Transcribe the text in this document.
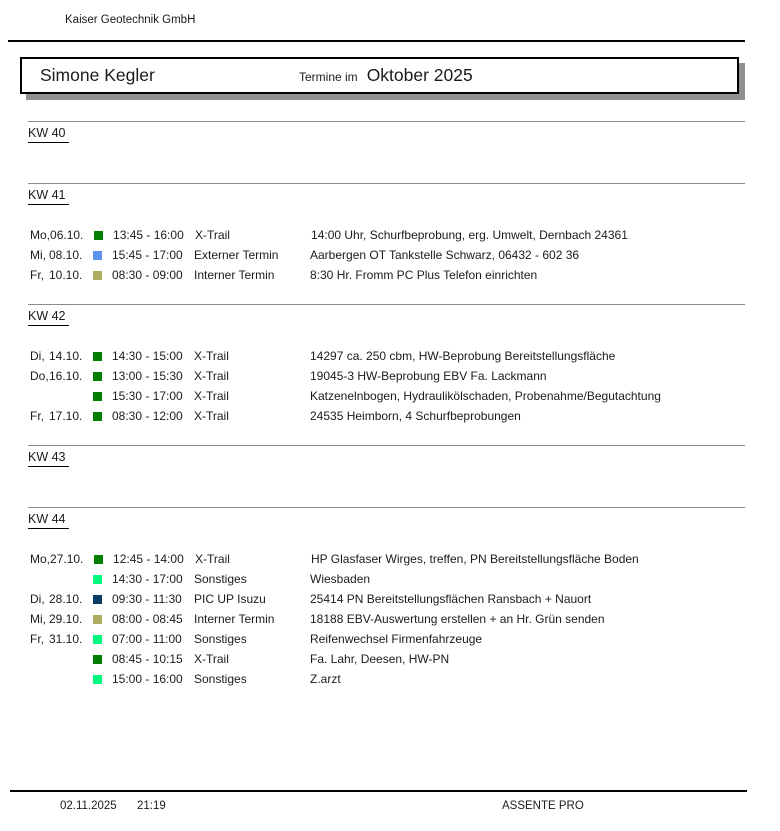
Kaiser Geotechnik GmbH
Simone Kegler	Termine im Oktober 2025
KW 40
KW 41
Mo, 06.10.	13:45 - 16:00 X-Trail	14:00 Uhr, Schurfbeprobung, erg. Umwelt, Dernbach 24361
Mi, 08.10.	15:45 - 17:00 Externer Termin	Aarbergen OT Tankstelle Schwarz, 06432 - 602 36
Fr, 10.10.	08:30 - 09:00 Interner Termin	8:30 Hr. Fromm PC Plus Telefon einrichten
KW 42
Di, 14.10.	14:30 - 15:00 X-Trail	14297 ca. 250 cbm, HW-Beprobung Bereitstellungsfläche
Do, 16.10.	13:00 - 15:30 X-Trail	19045-3 HW-Beprobung EBV Fa. Lackmann
15:30 - 17:00 X-Trail	Katzenelnbogen, Hydraulikölschaden, Probenahme/Begutachtung
Fr, 17.10.	08:30 - 12:00 X-Trail	24535 Heimborn, 4 Schurfbeprobungen
KW 43
KW 44
Mo, 27.10.	12:45 - 14:00 X-Trail	HP Glasfaser Wirges, treffen, PN Bereitstellungsfläche Boden
14:30 - 17:00 Sonstiges	Wiesbaden
Di, 28.10.	09:30 - 11:30	PIC UP Isuzu	25414 PN Bereitstellungsflächen Ransbach + Nauort
Mi, 29.10.	08:00 - 08:45 Interner Termin	18188 EBV-Auswertung erstellen + an Hr. Grün senden
Fr, 31.10.	07:00 - 11:00	Sonstiges	Reifenwechsel Firmenfahrzeuge
08:45 - 10:15 X-Trail	Fa. Lahr, Deesen, HW-PN
15:00 - 16:00 Sonstiges	Z.arzt
02.11.2025 21:19	ASSENTE PRO
